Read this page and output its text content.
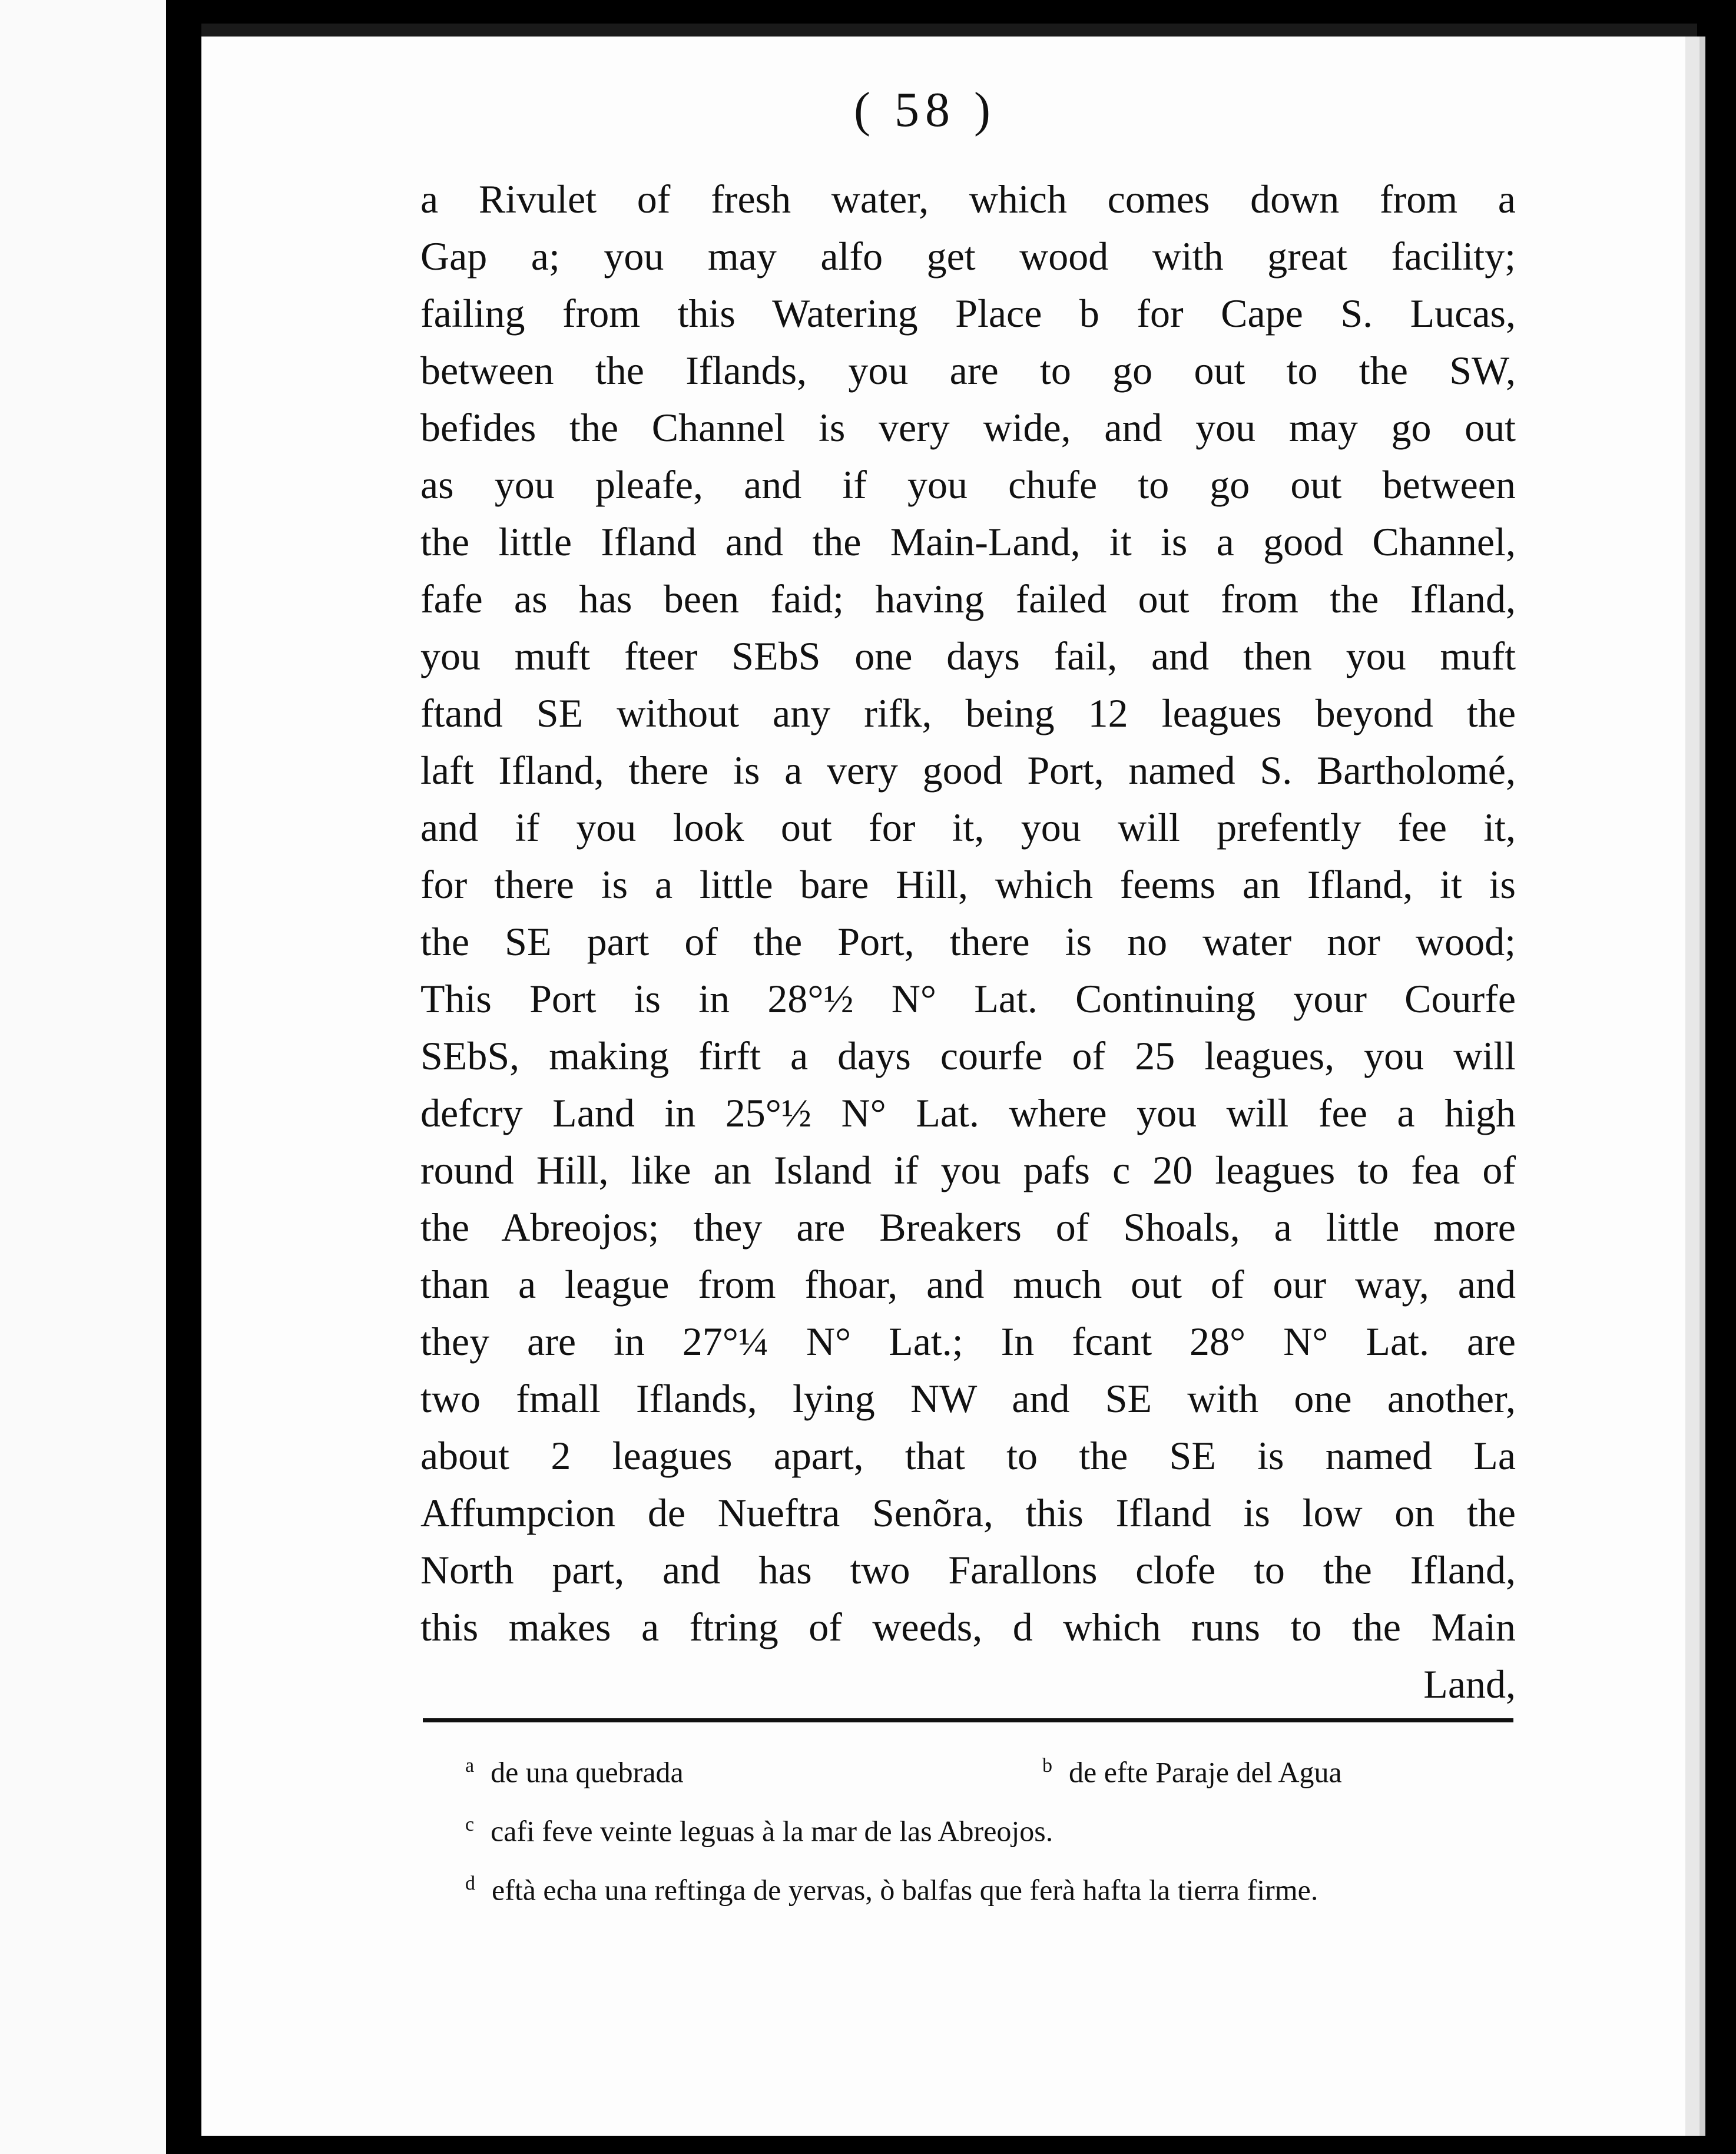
( 58 )
a Rivulet of fresh water, which comes down from a
Gap a; you may alfo get wood with great facility;
failing from this Watering Place b for Cape S. Lucas,
between the Iflands, you are to go out to the SW,
befides the Channel is very wide, and you may go out
as you pleafe, and if you chufe to go out between
the little Ifland and the Main-Land, it is a good Channel,
fafe as has been faid; having failed out from the Ifland,
you muft fteer SEbS one days fail, and then you muft
ftand SE without any rifk, being 12 leagues beyond the
laft Ifland, there is a very good Port, named S. Bartholomé,
and if you look out for it, you will prefently fee it,
for there is a little bare Hill, which feems an Ifland, it is
the SE part of the Port, there is no water nor wood;
This Port is in 28°½ N° Lat. Continuing your Courfe
SEbS, making firft a days courfe of 25 leagues, you will
defcry Land in 25°½ N° Lat. where you will fee a high
round Hill, like an Island if you pafs c 20 leagues to fea of
the Abreojos; they are Breakers of Shoals, a little more
than a league from fhoar, and much out of our way, and
they are in 27°¼ N° Lat.; In fcant 28° N° Lat. are
two fmall Iflands, lying NW and SE with one another,
about 2 leagues apart, that to the SE is named La
Affumpcion de Nueftra Senõra, this Ifland is low on the
North part, and has two Farallons clofe to the Ifland,
this makes a ftring of weeds, d which runs to the Main
Land,
$^a$ de una quebrada	$^b$ de efte Paraje del Agua
$^c$ cafi feve veinte leguas à la mar de las Abreojos.
$^d$ eftà echa una reftinga de yervas, ò balfas que ferà hafta la tierra firme.
